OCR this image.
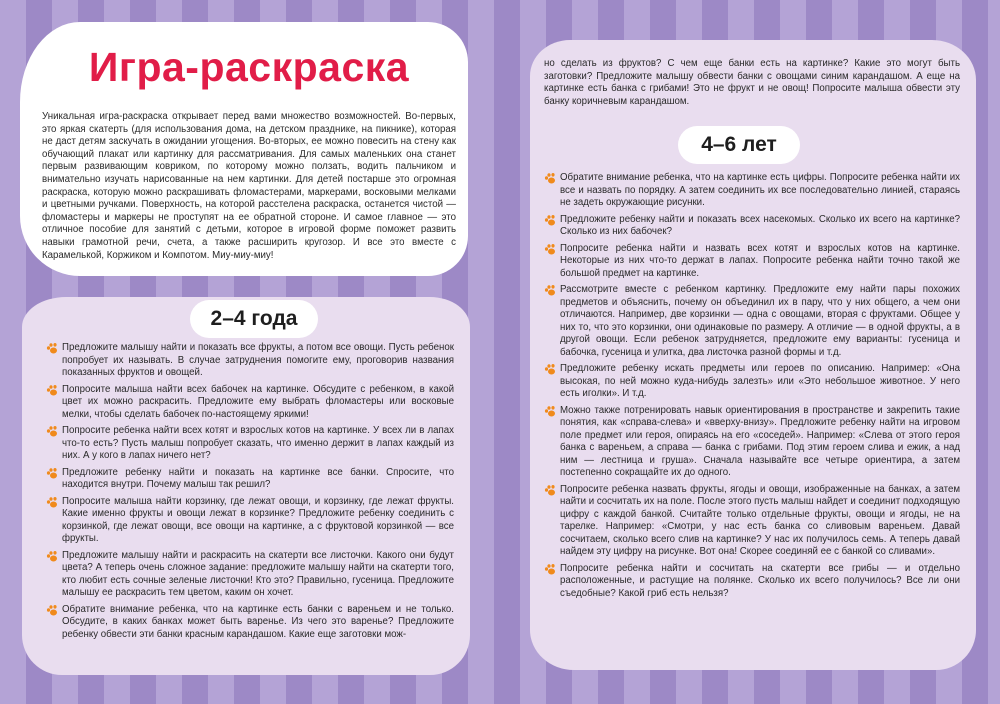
Игра-раскраска

Уникальная игра-раскраска открывает перед вами множество возможностей. Во-первых, это яркая скатерть (для использования дома, на детском празднике, на пикнике), которая не даст детям заскучать в ожидании угощения. Во-вторых, ее можно повесить на стену как обучающий плакат или картинку для рассматривания. Для самых маленьких она станет первым развивающим ковриком, по которому можно ползать, водить пальчиком и внимательно изучать нарисованные на нем картинки. Для детей постарше это огромная раскраска, которую можно раскрашивать фломастерами, маркерами, восковыми мелками и цветными ручками. Поверхность, на которой расстелена раскраска, останется чистой — фломастеры и маркеры не проступят на ее обратной стороне. И самое главное — это отличное пособие для занятий с детьми, которое в игровой форме поможет развить навыки грамотной речи, счета, а также расширить кругозор. И все это вместе с Карамелькой, Коржиком и Компотом. Миу-миу-миу!

Предложите малышу найти и показать все фрукты, а потом все овощи. Пусть ребенок попробует их называть. В случае затруднения помогите ему, проговорив названия показанных фруктов и овощей.
Попросите малыша найти всех бабочек на картинке. Обсудите с ребенком, в какой цвет их можно раскрасить. Предложите ему выбрать фломастеры или восковые мелки, чтобы сделать бабочек по-настоящему яркими!
Попросите ребенка найти всех котят и взрослых котов на картинке. У всех ли в лапах что-то есть? Пусть малыш попробует сказать, что именно держит в лапах каждый из них. А у кого в лапах ничего нет?
Предложите ребенку найти и показать на картинке все банки. Спросите, что находится внутри. Почему малыш так решил?
Попросите малыша найти корзинку, где лежат овощи, и корзинку, где лежат фрукты. Какие именно фрукты и овощи лежат в корзинке? Предложите ребенку соединить с корзинкой, где лежат овощи, все овощи на картинке, а с фруктовой корзинкой — все фрукты.
Предложите малышу найти и раскрасить на скатерти все листочки. Какого они будут цвета? А теперь очень сложное задание: предложите малышу найти на скатерти того, кто любит есть сочные зеленые листочки! Кто это? Правильно, гусеница. Предложите малышу ее раскрасить тем цветом, каким он хочет.
Обратите внимание ребенка, что на картинке есть банки с вареньем и не только. Обсудите, в каких банках может быть варенье. Из чего это варенье? Предложите ребенку обвести эти банки красным карандашом. Какие еще заготовки мож-
2–4 года

но сделать из фруктов? С чем еще банки есть на картинке? Какие это могут быть заготовки? Предложите малышу обвести банки с овощами синим карандашом. А еще на картинке есть банка с грибами! Это не фрукт и не овощ! Попросите малыша обвести эту банку коричневым карандашом.

Обратите внимание ребенка, что на картинке есть цифры. Попросите ребенка найти их все и назвать по порядку. А затем соединить их все последовательно линией, стараясь не задеть окружающие рисунки.
Предложите ребенку найти и показать всех насекомых. Сколько их всего на картинке? Сколько из них бабочек?
Попросите ребенка найти и назвать всех котят и взрослых котов на картинке. Некоторые из них что-то держат в лапах. Попросите ребенка найти точно такой же большой предмет на картинке.
Рассмотрите вместе с ребенком картинку. Предложите ему найти пары похожих предметов и объяснить, почему он объединил их в пару, что у них общего, а чем они отличаются. Например, две корзинки — одна с овощами, вторая с фруктами. Общее у них то, что это корзинки, они одинаковые по размеру. А отличие — в одной фрукты, а в другой овощи. Если ребенок затрудняется, предложите ему варианты: гусеница и бабочка, гусеница и улитка, два листочка разной формы и т.д.
Предложите ребенку искать предметы или героев по описанию. Например: «Она высокая, по ней можно куда-нибудь залезть» или «Это небольшое животное. У него есть иголки». И т.д.
Можно также потренировать навык ориентирования в пространстве и закрепить такие понятия, как «справа-слева» и «вверху-внизу». Предложите ребенку найти на игровом поле предмет или героя, опираясь на его «соседей». Например: «Слева от этого героя банка с вареньем, а справа — банка с грибами. Под этим героем слива и ежик, а над ним — лестница и груша». Сначала называйте все четыре ориентира, а затем постепенно сокращайте их до одного.
Попросите ребенка назвать фрукты, ягоды и овощи, изображенные на банках, а затем найти и сосчитать их на поле. После этого пусть малыш найдет и соединит подходящую цифру с каждой банкой. Считайте только отдельные фрукты, овощи и ягоды, не на тарелке. Например: «Смотри, у нас есть банка со сливовым вареньем. Давай сосчитаем, сколько всего слив на картинке? У нас их получилось семь. А теперь давай найдем эту цифру на рисунке. Вот она! Скорее соединяй ее с банкой со сливами».
Попросите ребенка найти и сосчитать на скатерти все грибы — и отдельно расположенные, и растущие на полянке. Сколько их всего получилось? Все ли они съедобные? Какой гриб есть нельзя?
4–6 лет
